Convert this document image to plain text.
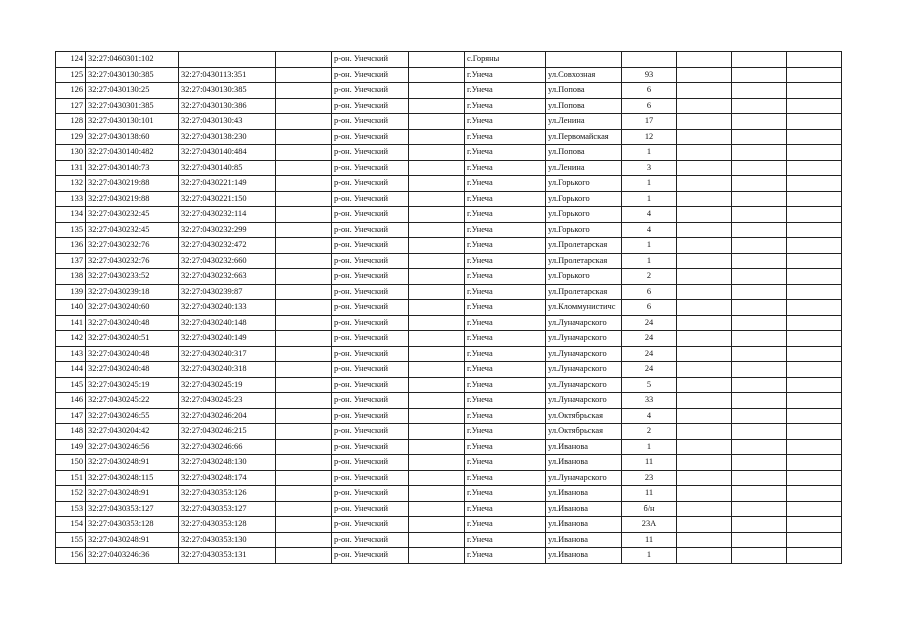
124	32:27:0460301:102			р-он. Унечский		с.Горяны					
125	32:27:0430130:385	32:27:0430113:351		р-он. Унечский		г.Унеча	ул.Совхозная	93			
126	32:27:0430130:25	32:27:0430130:385		р-он. Унечский		г.Унеча	ул.Попова	6			
127	32:27:0430301:385	32:27:0430130:386		р-он. Унечский		г.Унеча	ул.Попова	6			
128	32:27:0430130:101	32:27:0430130:43		р-он. Унечский		г.Унеча	ул.Ленина	17			
129	32:27:0430138:60	32:27:0430138:230		р-он. Унечский		г.Унеча	ул.Первомайская	12			
130	32:27:0430140:482	32:27:0430140:484		р-он. Унечский		г.Унеча	ул.Попова	1			
131	32:27:0430140:73	32:27:0430140:85		р-он. Унечский		г.Унеча	ул.Ленина	3			
132	32:27:0430219:88	32:27:0430221:149		р-он. Унечский		г.Унеча	ул.Горького	1			
133	32:27:0430219:88	32:27:0430221:150		р-он. Унечский		г.Унеча	ул.Горького	1			
134	32:27:0430232:45	32:27:0430232:114		р-он. Унечский		г.Унеча	ул.Горького	4			
135	32:27:0430232:45	32:27:0430232:299		р-он. Унечский		г.Унеча	ул.Горького	4			
136	32:27:0430232:76	32:27:0430232:472		р-он. Унечский		г.Унеча	ул.Пролетарская	1			
137	32:27:0430232:76	32:27:0430232:660		р-он. Унечский		г.Унеча	ул.Пролетарская	1			
138	32:27:0430233:52	32:27:0430232:663		р-он. Унечский		г.Унеча	ул.Горького	2			
139	32:27:0430239:18	32:27:0430239:87		р-он. Унечский		г.Унеча	ул.Пролетарская	6			
140	32:27:0430240:60	32:27:0430240:133		р-он. Унечский		г.Унеча	ул.Кломмунистичс	6			
141	32:27:0430240:48	32:27:0430240:148		р-он. Унечский		г.Унеча	ул.Луначарского	24			
142	32:27:0430240:51	32:27:0430240:149		р-он. Унечский		г.Унеча	ул.Луначарского	24			
143	32:27:0430240:48	32:27:0430240:317		р-он. Унечский		г.Унеча	ул.Луначарского	24			
144	32:27:0430240:48	32:27:0430240:318		р-он. Унечский		г.Унеча	ул.Луначарского	24			
145	32:27:0430245:19	32:27:0430245:19		р-он. Унечский		г.Унеча	ул.Луначарского	5			
146	32:27:0430245:22	32:27:0430245:23		р-он. Унечский		г.Унеча	ул.Луначарского	33			
147	32:27:0430246:55	32:27:0430246:204		р-он. Унечский		г.Унеча	ул.Октябрьская	4			
148	32:27:0430204:42	32:27:0430246:215		р-он. Унечский		г.Унеча	ул.Октябрьская	2			
149	32:27:0430246:56	32:27:0430246:66		р-он. Унечский		г.Унеча	ул.Иванова	1			
150	32:27:0430248:91	32:27:0430248:130		р-он. Унечский		г.Унеча	ул.Иванова	11			
151	32:27:0430248:115	32:27:0430248:174		р-он. Унечский		г.Унеча	ул.Луначарского	23			
152	32:27:0430248:91	32:27:0430353:126		р-он. Унечский		г.Унеча	ул.Иванова	11			
153	32:27:0430353:127	32:27:0430353:127		р-он. Унечский		г.Унеча	ул.Иванова	б/н			
154	32:27:0430353:128	32:27:0430353:128		р-он. Унечский		г.Унеча	ул.Иванова	23А			
155	32:27:0430248:91	32:27:0430353:130		р-он. Унечский		г.Унеча	ул.Иванова	11			
156	32:27:0403246:36	32:27:0430353:131		р-он. Унечский		г.Унеча	ул.Иванова	1			
